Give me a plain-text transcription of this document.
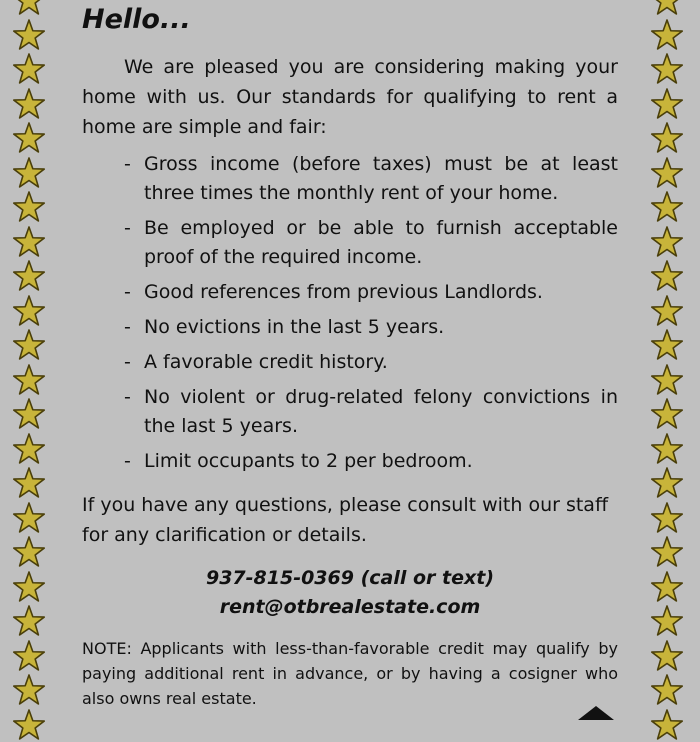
Hello...
We are pleased you are considering making your home with us. Our standards for qualifying to rent a home are simple and fair:
- Gross income (before taxes) must be at least three times the monthly rent of your home.
- Be employed or be able to furnish acceptable proof of the required income.
- Good references from previous Landlords.
- No evictions in the last 5 years.
- A favorable credit history.
- No violent or drug-related felony convictions in the last 5 years.
- Limit occupants to 2 per bedroom.
If you have any questions, please consult with our staff for any clarification or details.
937-815-0369 (call or text)
rent@otbrealestate.com
NOTE: Applicants with less-than-favorable credit may qualify by paying additional rent in advance, or by having a cosigner who also owns real estate.
